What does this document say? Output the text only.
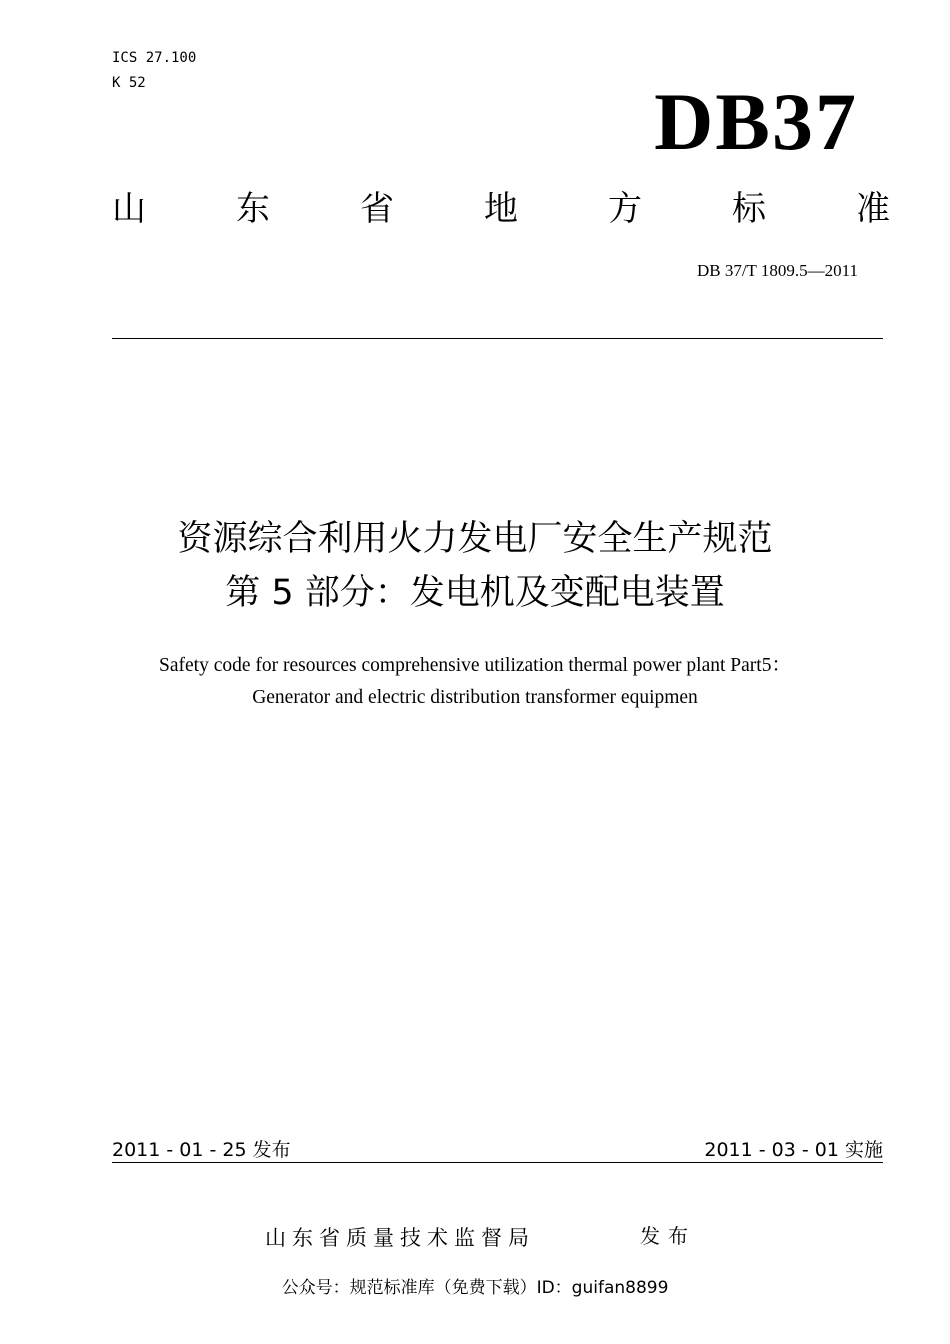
ICS 27.100
K 52	DB37
山	东	省	地	方	标	准
DB 37/T 1809.5—2011
资源综合利用火力发电厂安全生产规范
第 5 部分：发电机及变配电装置
Safety code for resources comprehensive utilization thermal power plant Part5：
Generator and electric distribution transformer equipmen
2011 - 01 - 25 发布	2011 - 03 - 01 实施
山东省质量技术监督局	发布
公众号：规范标准库（免费下载）ID：guifan8899
